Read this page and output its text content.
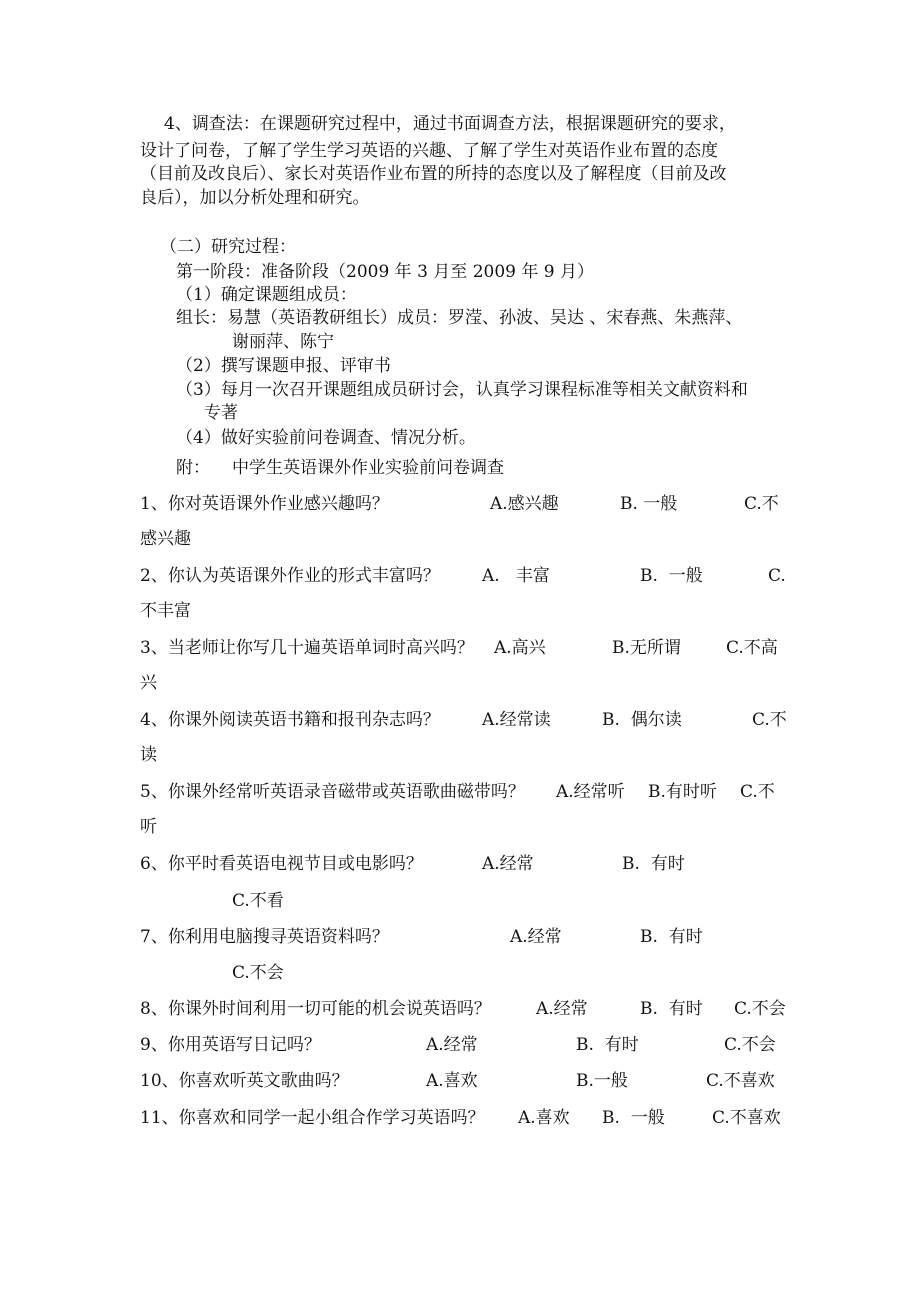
4、调查法：在课题研究过程中，通过书面调查方法，根据课题研究的要求，
设计了问卷，了解了学生学习英语的兴趣、了解了学生对英语作业布置的态度
（目前及改良后）、家长对英语作业布置的所持的态度以及了解程度（目前及改
良后），加以分析处理和研究。
（二）研究过程：
第一阶段：准备阶段（2009 年 3 月至 2009 年 9 月）
（1）确定课题组成员：
组长：易慧（英语教研组长）成员：罗滢、孙波、吴达 、宋春燕、朱燕萍、
谢丽萍、陈宁
（2）撰写课题申报、评审书
（3）每月一次召开课题组成员研讨会，认真学习课程标准等相关文献资料和
专著
（4）做好实验前问卷调查、情况分析。
附： 中学生英语课外作业实验前问卷调查
1、你对英语课外作业感兴趣吗？	A.感兴趣	B. 一般	C.不
感兴趣
2、你认为英语课外作业的形式丰富吗？ A.   丰富	B.  一般	C.
不丰富
3、当老师让你写几十遍英语单词时高兴吗？ A.高兴	B.无所谓	C.不高
兴
4、你课外阅读英语书籍和报刊杂志吗？ A.经常读	B.  偶尔读	C.不
读
5、你课外经常听英语录音磁带或英语歌曲磁带吗？ A.经常听 B.有时听 C.不
听
6、你平时看英语电视节目或电影吗？	A.经常	B.  有时
C.不看
7、你利用电脑搜寻英语资料吗？	A.经常	B.  有时
C.不会
8、你课外时间利用一切可能的机会说英语吗？	A.经常	B.  有时 C.不会
9、你用英语写日记吗？	A.经常	B.  有时	C.不会
10、你喜欢听英文歌曲吗？	A.喜欢	B.一般	C.不喜欢
11、你喜欢和同学一起小组合作学习英语吗？ A.喜欢 B.  一般	C.不喜欢
